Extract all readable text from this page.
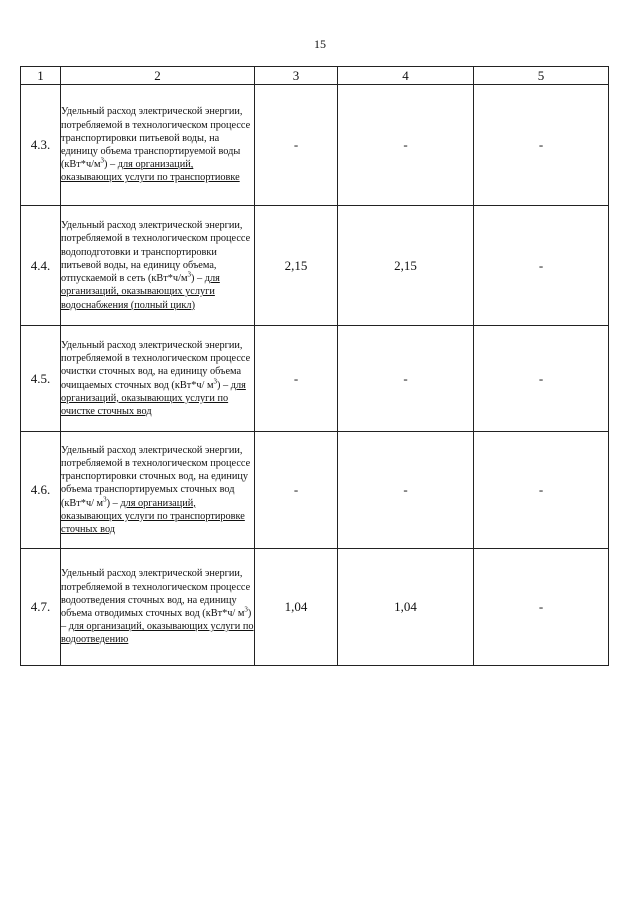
15
1	2	3	4	5
4.3.	Удельный расход электрической энергии, потребляемой в технологическом процессе транспортировки питьевой воды, на единицу объема транспортируемой воды $(кВт*ч/м^3)$ – для организаций, оказывающих услуги по транспортиовке	-	-	-
4.4.	Удельный расход электрической энергии, потребляемой в технологическом процессе водоподготовки и транспортировки питьевой воды, на единицу объема, отпускаемой в сеть $(кВт*ч/м^3)$ – для организаций, оказывающих услуги водоснабжения (полный цикл)	2,15	2,15	-
4.5.	Удельный расход электрической энергии, потребляемой в технологическом процессе очистки сточных вод, на единицу объема очищаемых сточных вод (кВт*ч/ $м^3$) – для организаций, оказывающих услуги по очистке сточных вод	-	-	-
4.6.	Удельный расход электрической энергии, потребляемой в технологическом процессе транспортировки сточных вод, на единицу объема транспортируемых сточных вод (кВт*ч/ $м^3$) – для организаций, оказывающих услуги по транспортировке сточных вод	-	-	-
4.7.	Удельный расход электрической энергии, потребляемой в технологическом процессе водоотведения сточных вод, на единицу объема отводимых сточных вод (кВт*ч/ $м^3$) – для организаций, оказывающих услуги по водоотведению	1,04	1,04	-
